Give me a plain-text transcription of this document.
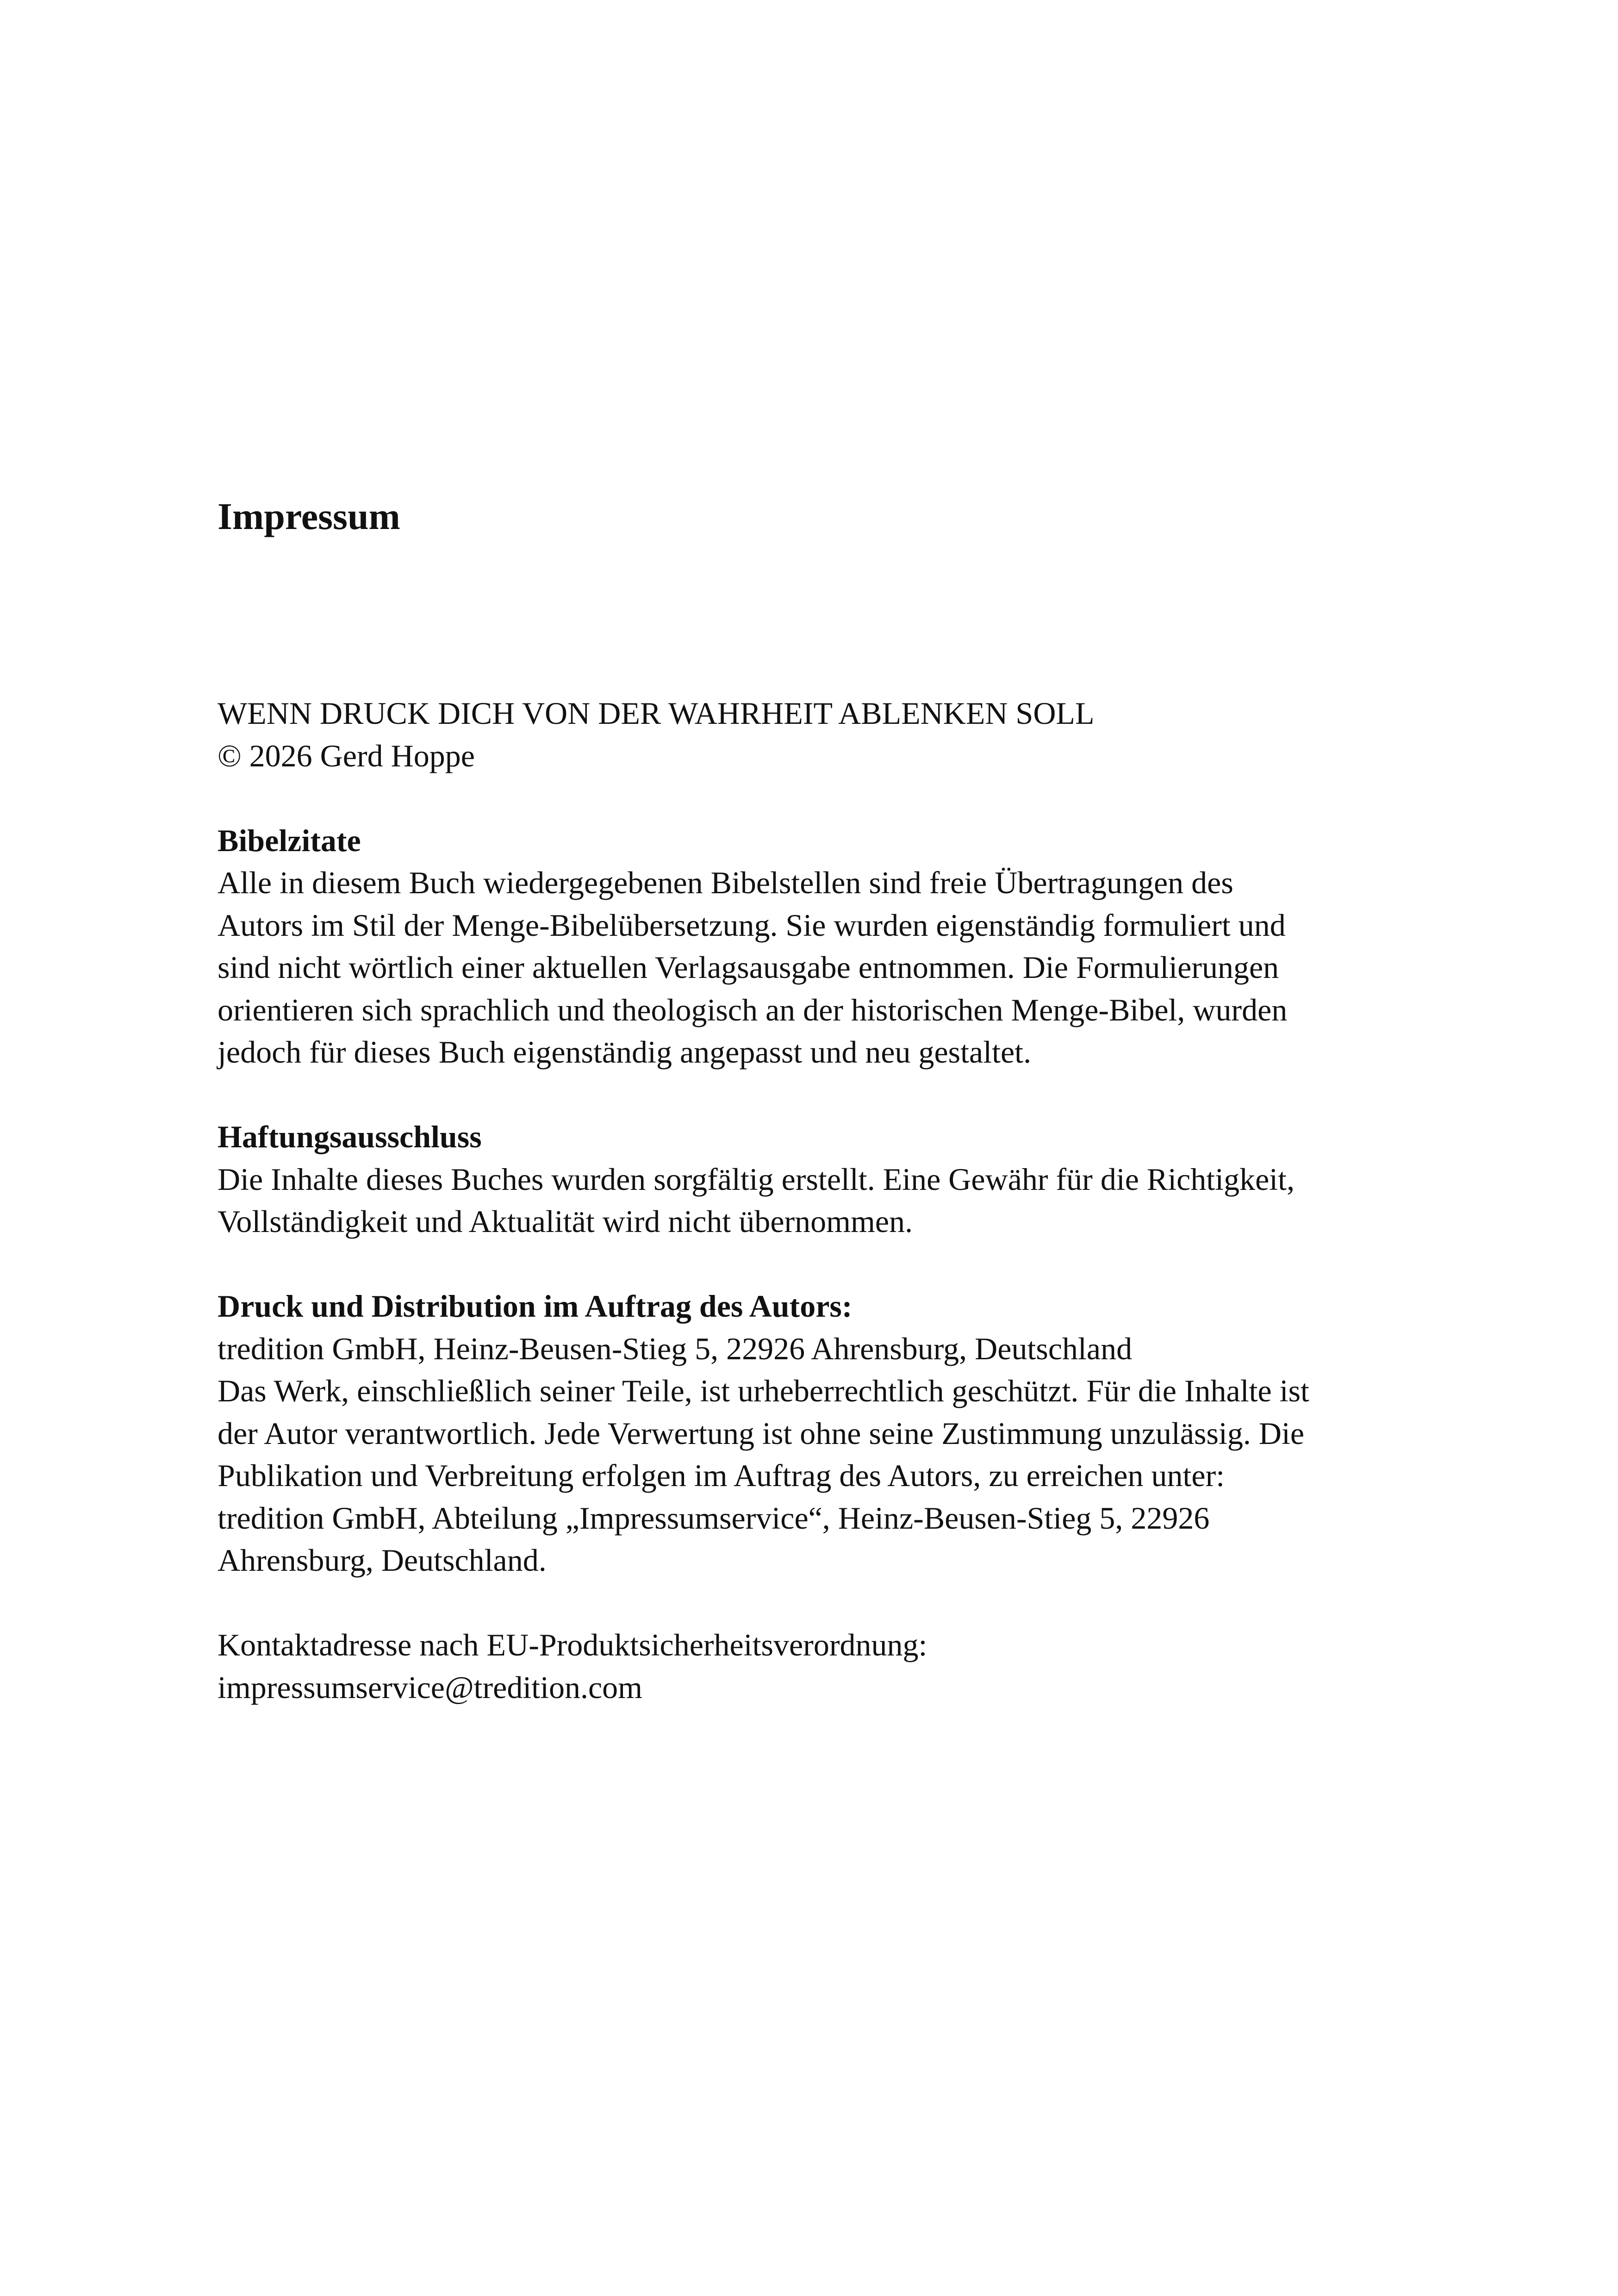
Impressum
WENN DRUCK DICH VON DER WAHRHEIT ABLENKEN SOLL
© 2026 Gerd Hoppe
Bibelzitate
Alle in diesem Buch wiedergegebenen Bibelstellen sind freie Übertragungen des
Autors im Stil der Menge-Bibelübersetzung. Sie wurden eigenständig formuliert und
sind nicht wörtlich einer aktuellen Verlagsausgabe entnommen. Die Formulierungen
orientieren sich sprachlich und theologisch an der historischen Menge-Bibel, wurden
jedoch für dieses Buch eigenständig angepasst und neu gestaltet.
Haftungsausschluss
Die Inhalte dieses Buches wurden sorgfältig erstellt. Eine Gewähr für die Richtigkeit,
Vollständigkeit und Aktualität wird nicht übernommen.
Druck und Distribution im Auftrag des Autors:
tredition GmbH, Heinz-Beusen-Stieg 5, 22926 Ahrensburg, Deutschland
Das Werk, einschließlich seiner Teile, ist urheberrechtlich geschützt. Für die Inhalte ist
der Autor verantwortlich. Jede Verwertung ist ohne seine Zustimmung unzulässig. Die
Publikation und Verbreitung erfolgen im Auftrag des Autors, zu erreichen unter:
tredition GmbH, Abteilung „Impressumservice“, Heinz-Beusen-Stieg 5, 22926
Ahrensburg, Deutschland.
Kontaktadresse nach EU-Produktsicherheitsverordnung:
impressumservice@tredition.com
